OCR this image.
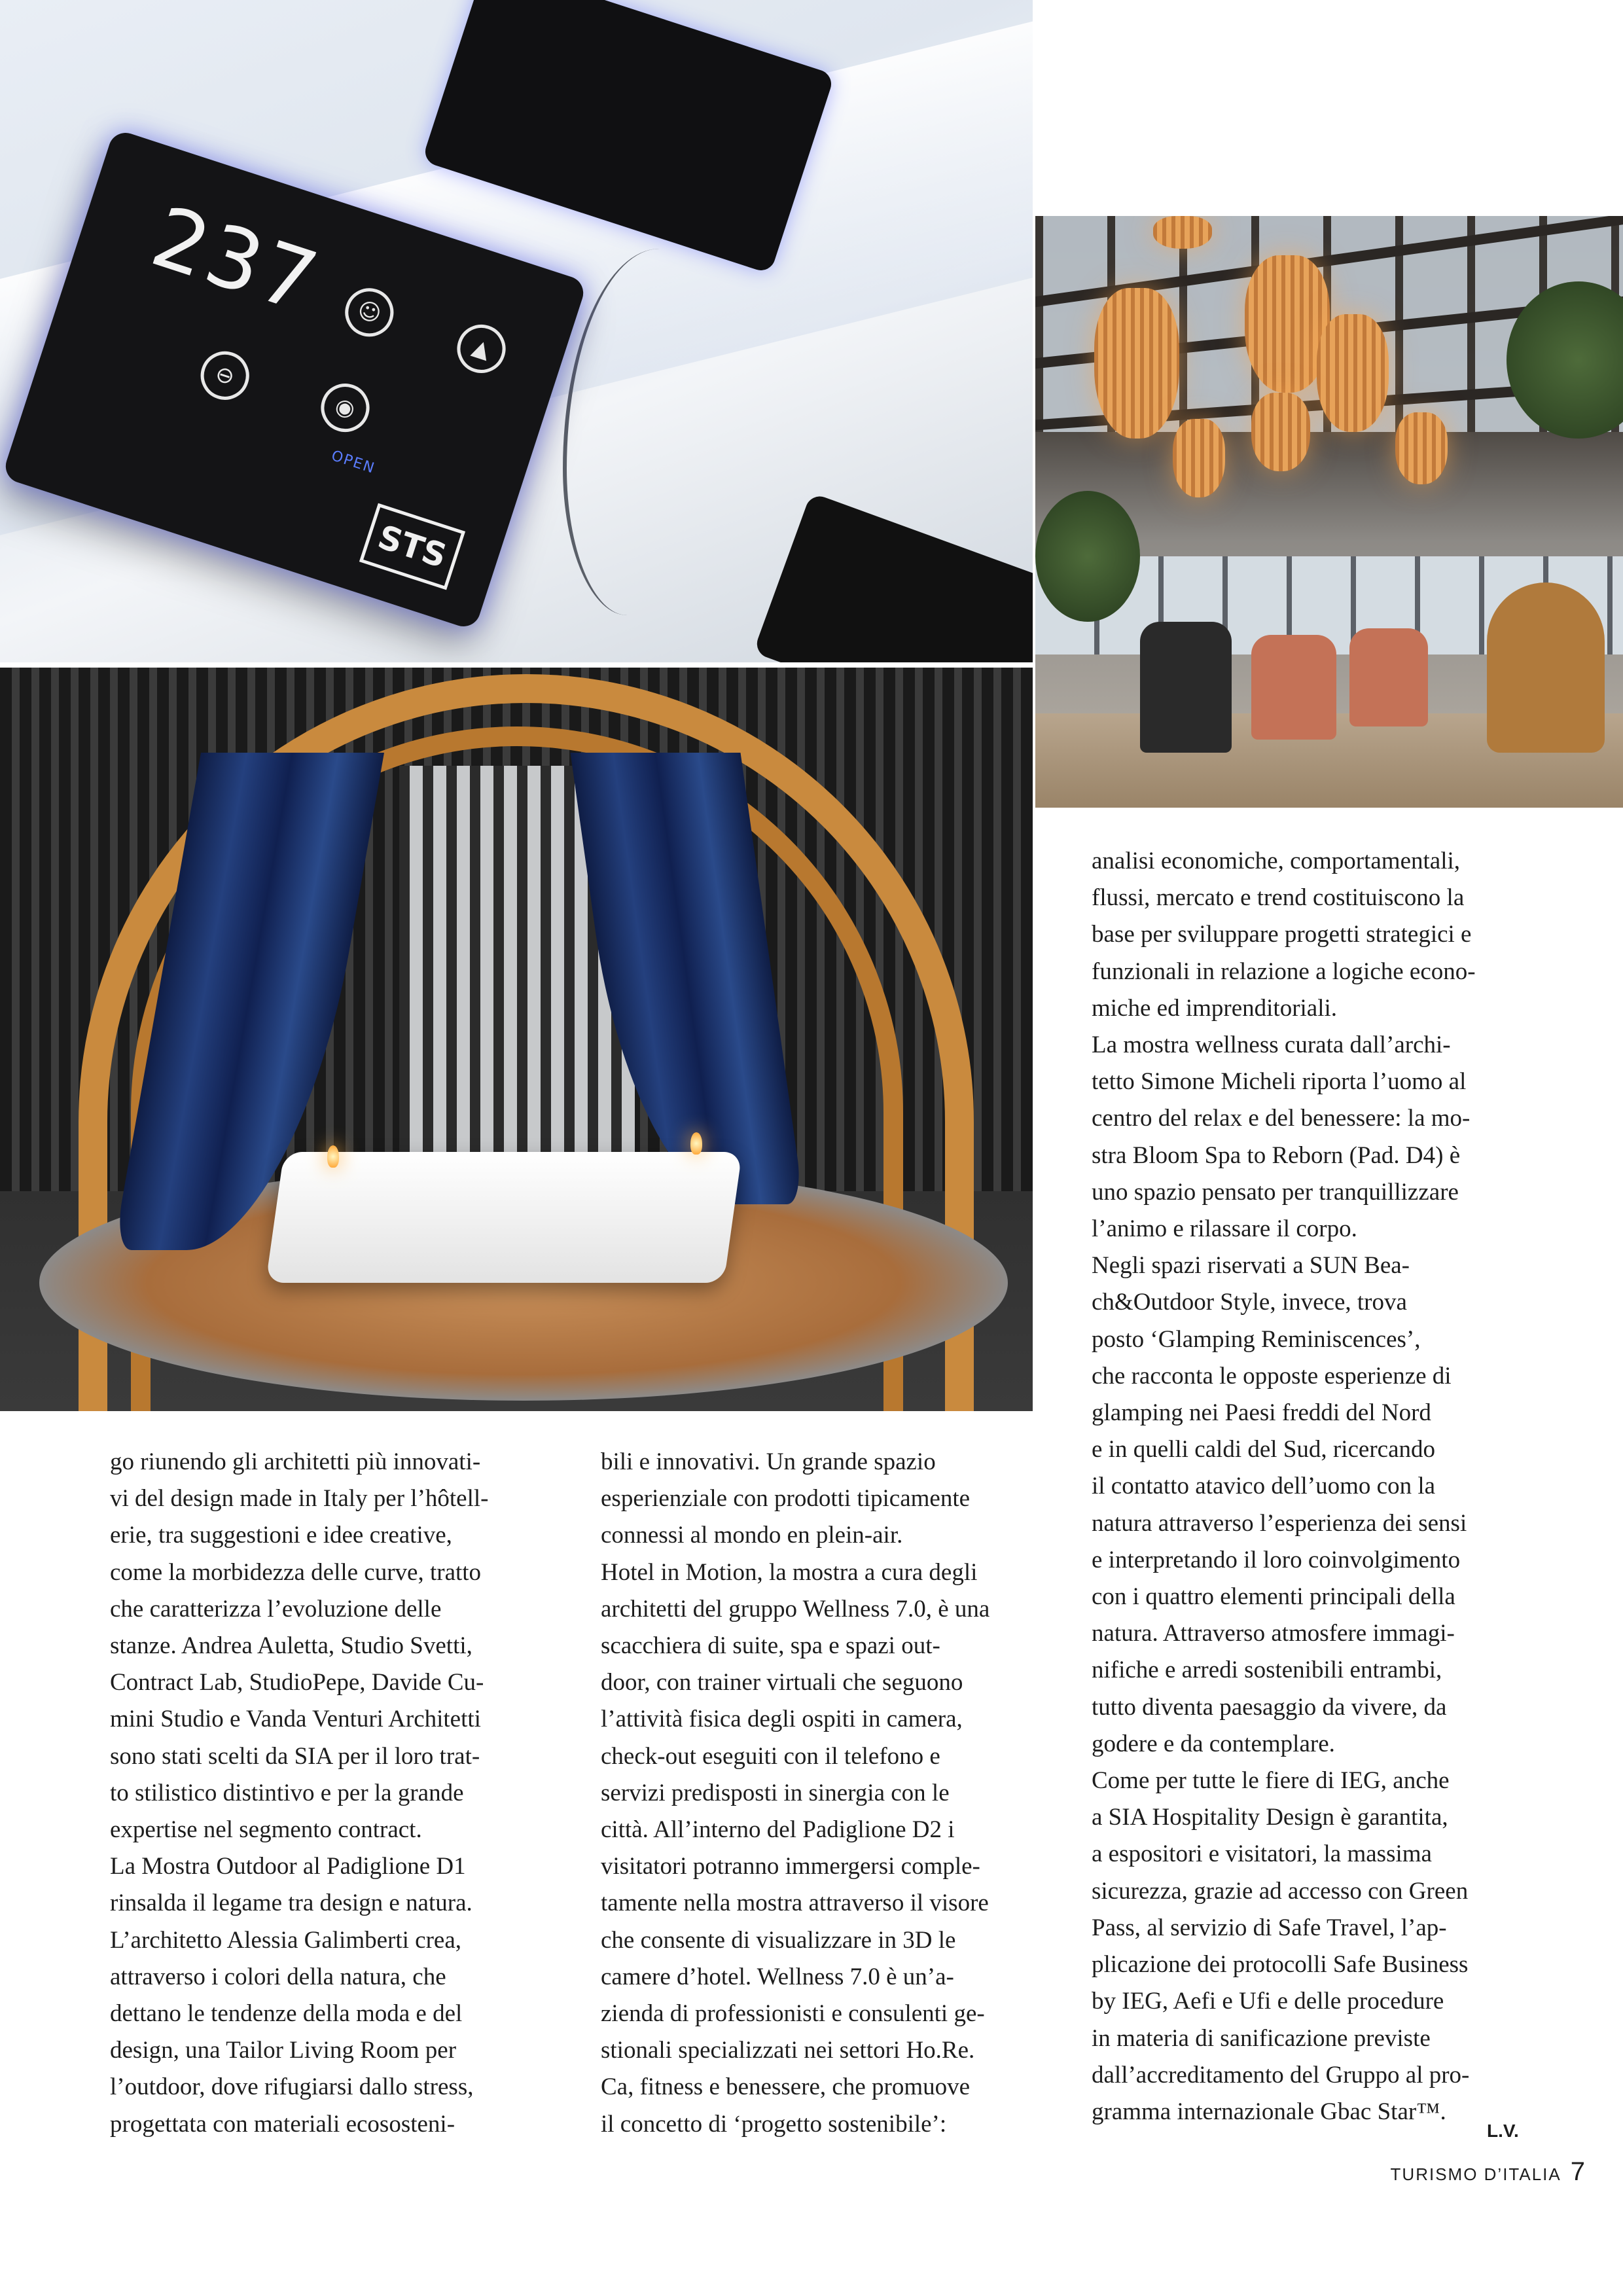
237	☺
▲
⊖
◉
OPEN
STS
go riunendo gli architetti più innovati-
vi del design made in Italy per l’hôtell-
erie, tra suggestioni e idee creative,
come la morbidezza delle curve, tratto
che caratterizza l’evoluzione delle
stanze. Andrea Auletta, Studio Svetti,
Contract Lab, StudioPepe, Davide Cu-
mini Studio e Vanda Venturi Architetti
sono stati scelti da SIA per il loro trat-
to stilistico distintivo e per la grande
expertise nel segmento contract.
La Mostra Outdoor al Padiglione D1
rinsalda il legame tra design e natura.
L’architetto Alessia Galimberti crea,
attraverso i colori della natura, che
dettano le tendenze della moda e del
design, una Tailor Living Room per
l’outdoor, dove rifugiarsi dallo stress,
progettata con materiali ecososteni-
bili e innovativi. Un grande spazio
esperienziale con prodotti tipicamente
connessi al mondo en plein-air.
Hotel in Motion, la mostra a cura degli
architetti del gruppo Wellness 7.0, è una
scacchiera di suite, spa e spazi out-
door, con trainer virtuali che seguono
l’attività fisica degli ospiti in camera,
check-out eseguiti con il telefono e
servizi predisposti in sinergia con le
città. All’interno del Padiglione D2 i
visitatori potranno immergersi comple-
tamente nella mostra attraverso il visore
che consente di visualizzare in 3D le
camere d’hotel. Wellness 7.0 è un’a-
zienda di professionisti e consulenti ge-
stionali specializzati nei settori Ho.Re.
Ca, fitness e benessere, che promuove
il concetto di ‘progetto sostenibile’:
analisi economiche, comportamentali,
flussi, mercato e trend costituiscono la
base per sviluppare progetti strategici e
funzionali in relazione a logiche econo-
miche ed imprenditoriali.
La mostra wellness curata dall’archi-
tetto Simone Micheli riporta l’uomo al
centro del relax e del benessere: la mo-
stra Bloom Spa to Reborn (Pad. D4) è
uno spazio pensato per tranquillizzare
l’animo e rilassare il corpo.
Negli spazi riservati a SUN Bea-
ch&Outdoor Style, invece, trova
posto ‘Glamping Reminiscences’,
che racconta le opposte esperienze di
glamping nei Paesi freddi del Nord
e in quelli caldi del Sud, ricercando
il contatto atavico dell’uomo con la
natura attraverso l’esperienza dei sensi
e interpretando il loro coinvolgimento
con i quattro elementi principali della
natura. Attraverso atmosfere immagi-
nifiche e arredi sostenibili entrambi,
tutto diventa paesaggio da vivere, da
godere e da contemplare.
Come per tutte le fiere di IEG, anche
a SIA Hospitality Design è garantita,
a espositori e visitatori, la massima
sicurezza, grazie ad accesso con Green
Pass, al servizio di Safe Travel, l’ap-
plicazione dei protocolli Safe Business
by IEG, Aefi e Ufi e delle procedure
in materia di sanificazione previste
dall’accreditamento del Gruppo al pro-
gramma internazionale Gbac Star™.
L.V.
TURISMO D’ITALIA 7
